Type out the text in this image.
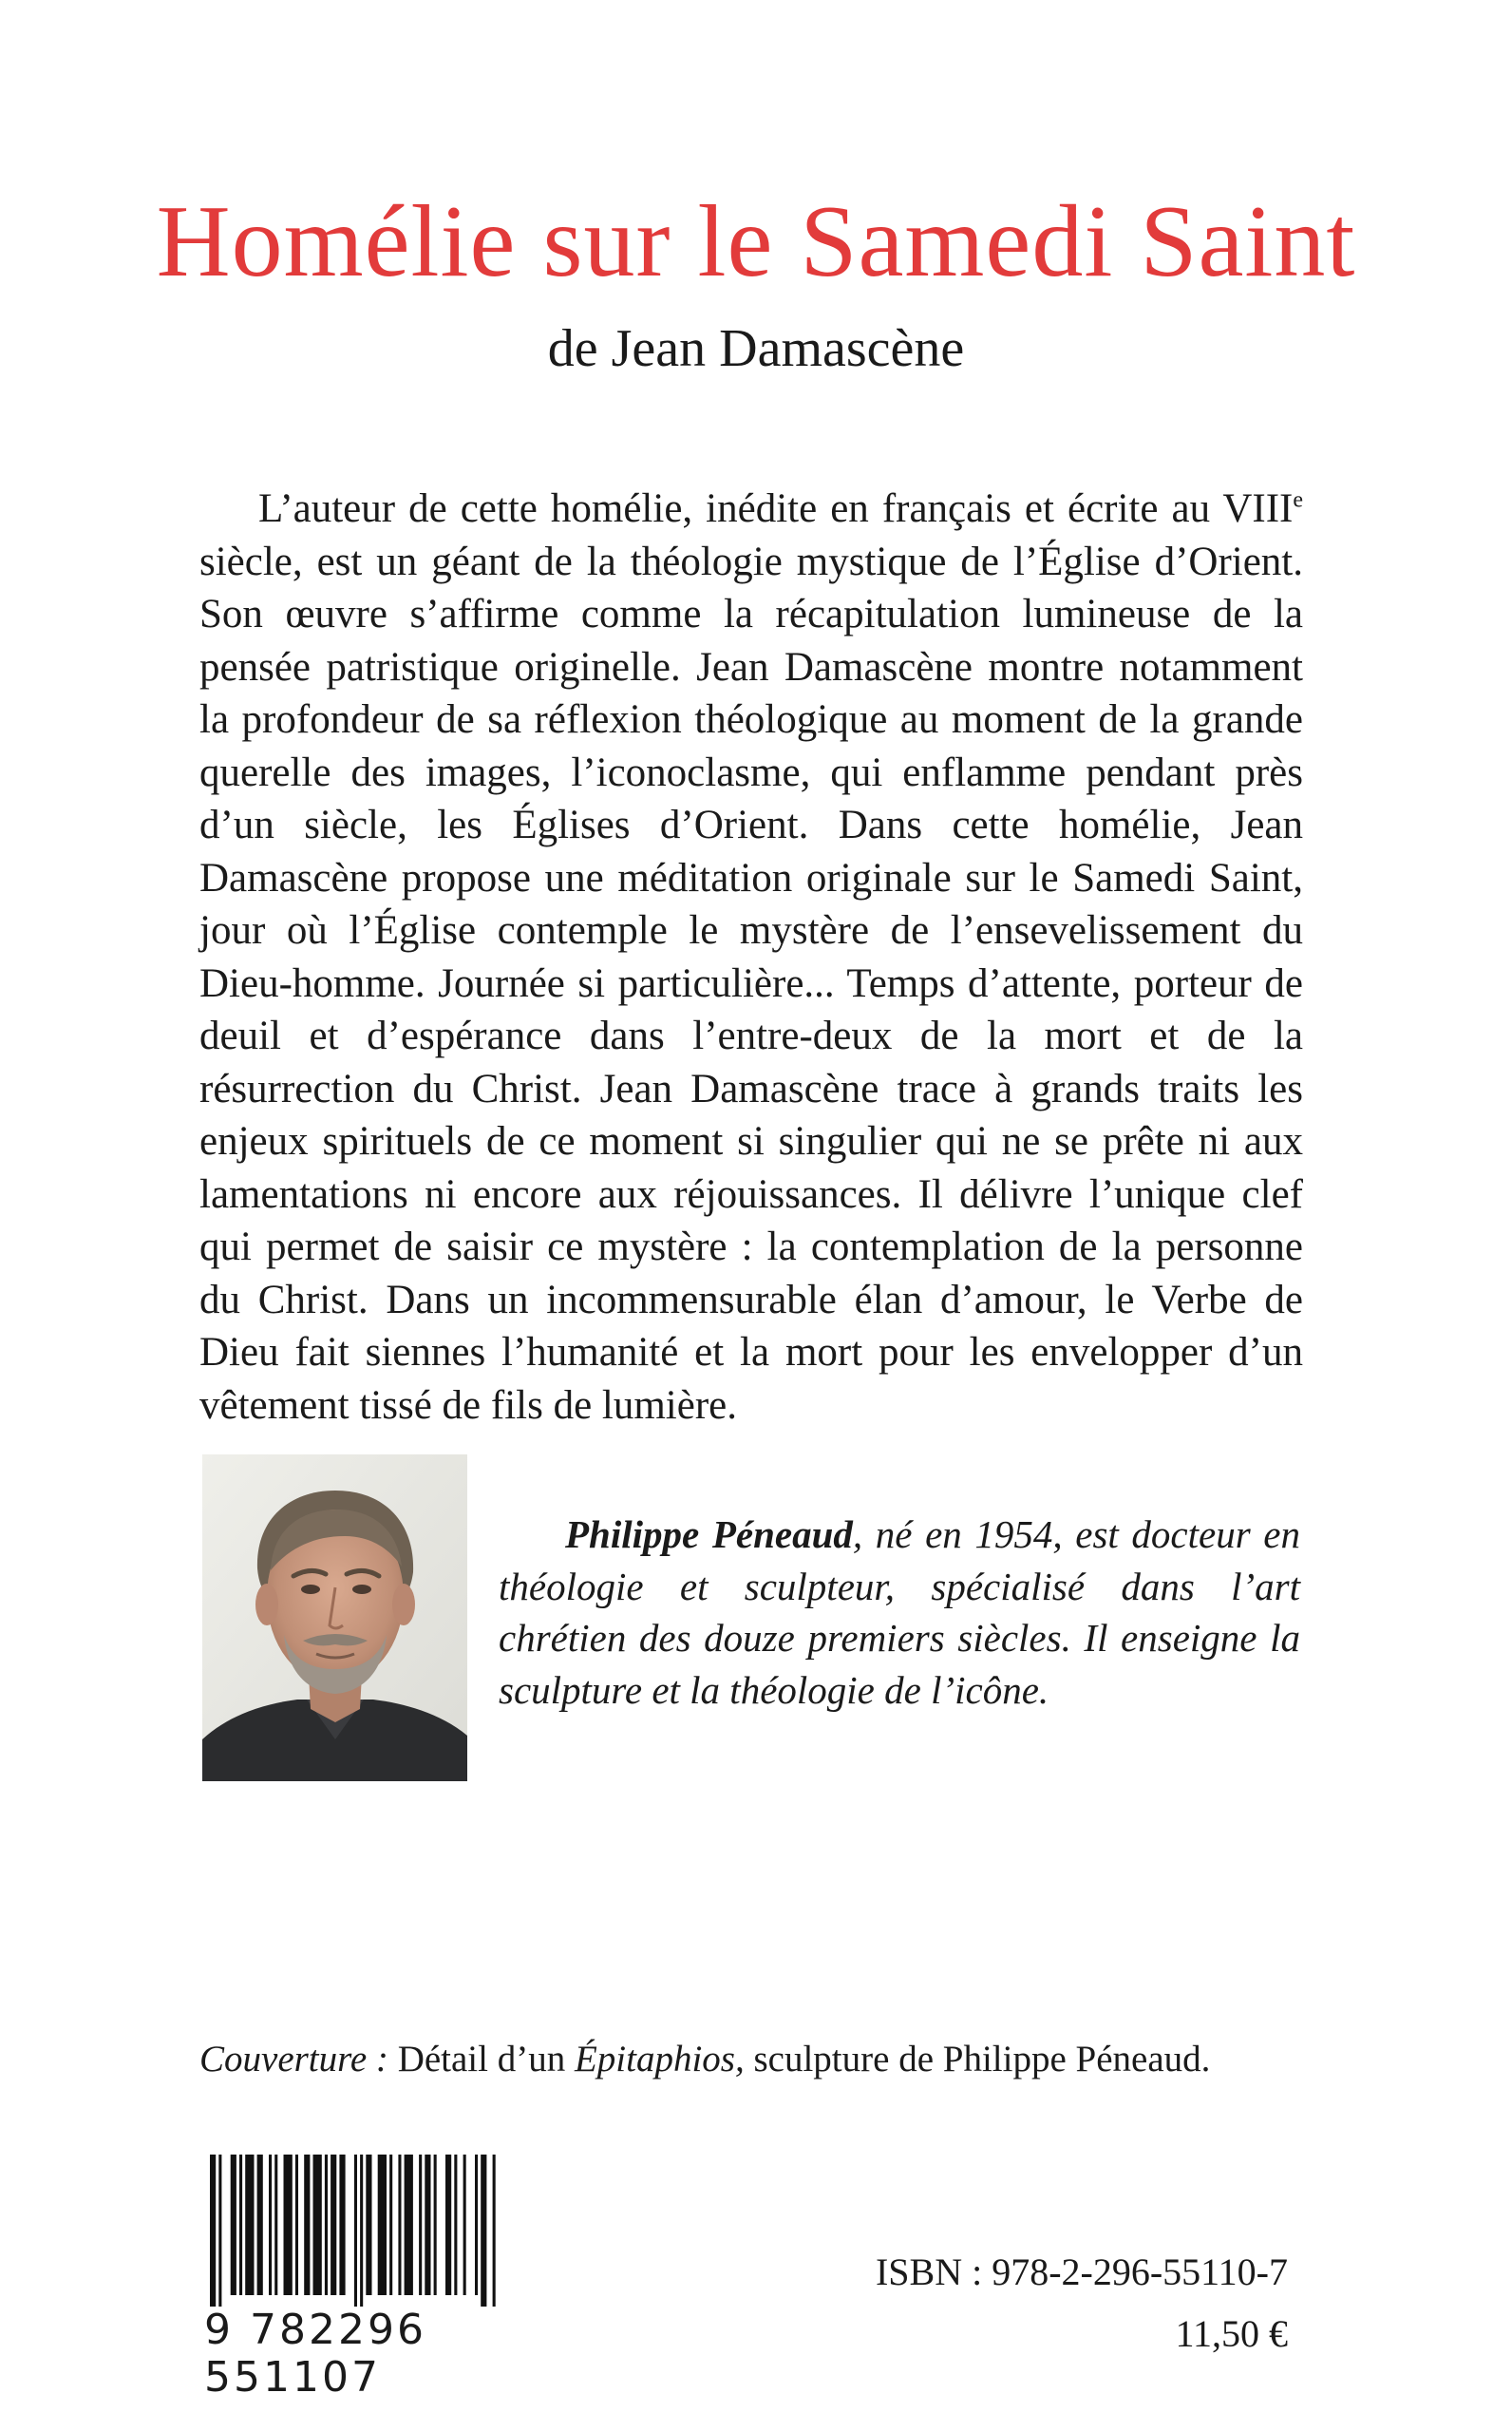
Homélie sur le Samedi Saint
de Jean Damascène

L’auteur de cette homélie, inédite en français et écrite au VIIIe siècle, est un géant de la théologie mystique de l’Église d’Orient. Son œuvre s’affirme comme la récapitulation lumineuse de la pensée patristique originelle. Jean Damascène montre notamment la profondeur de sa réflexion théologique au moment de la grande querelle des images, l’iconoclasme, qui enflamme pendant près d’un siècle, les Églises d’Orient. Dans cette homélie, Jean Damascène propose une méditation originale sur le Samedi Saint, jour où l’Église contemple le mystère de l’ensevelissement du Dieu-homme. Journée si particulière... Temps d’attente, porteur de deuil et d’espérance dans l’entre-deux de la mort et de la résurrection du Christ. Jean Damascène trace à grands traits les enjeux spirituels de ce moment si singulier qui ne se prête ni aux lamentations ni encore aux réjouissances. Il délivre l’unique clef qui permet de saisir ce mystère : la contemplation de la personne du Christ. Dans un incommensurable élan d’amour, le Verbe de Dieu fait siennes l’humanité et la mort pour les envelopper d’un vêtement tissé de fils de lumière.

Philippe Péneaud, né en 1954, est docteur en théologie et sculpteur, spécialisé dans l’art chrétien des douze premiers siècles. Il enseigne la sculpture et la théologie de l’icône.

Couverture : Détail d’un Épitaphios, sculpture de Philippe Péneaud.

9 782296 551107
ISBN : 978-2-296-55110-7
11,50 €
